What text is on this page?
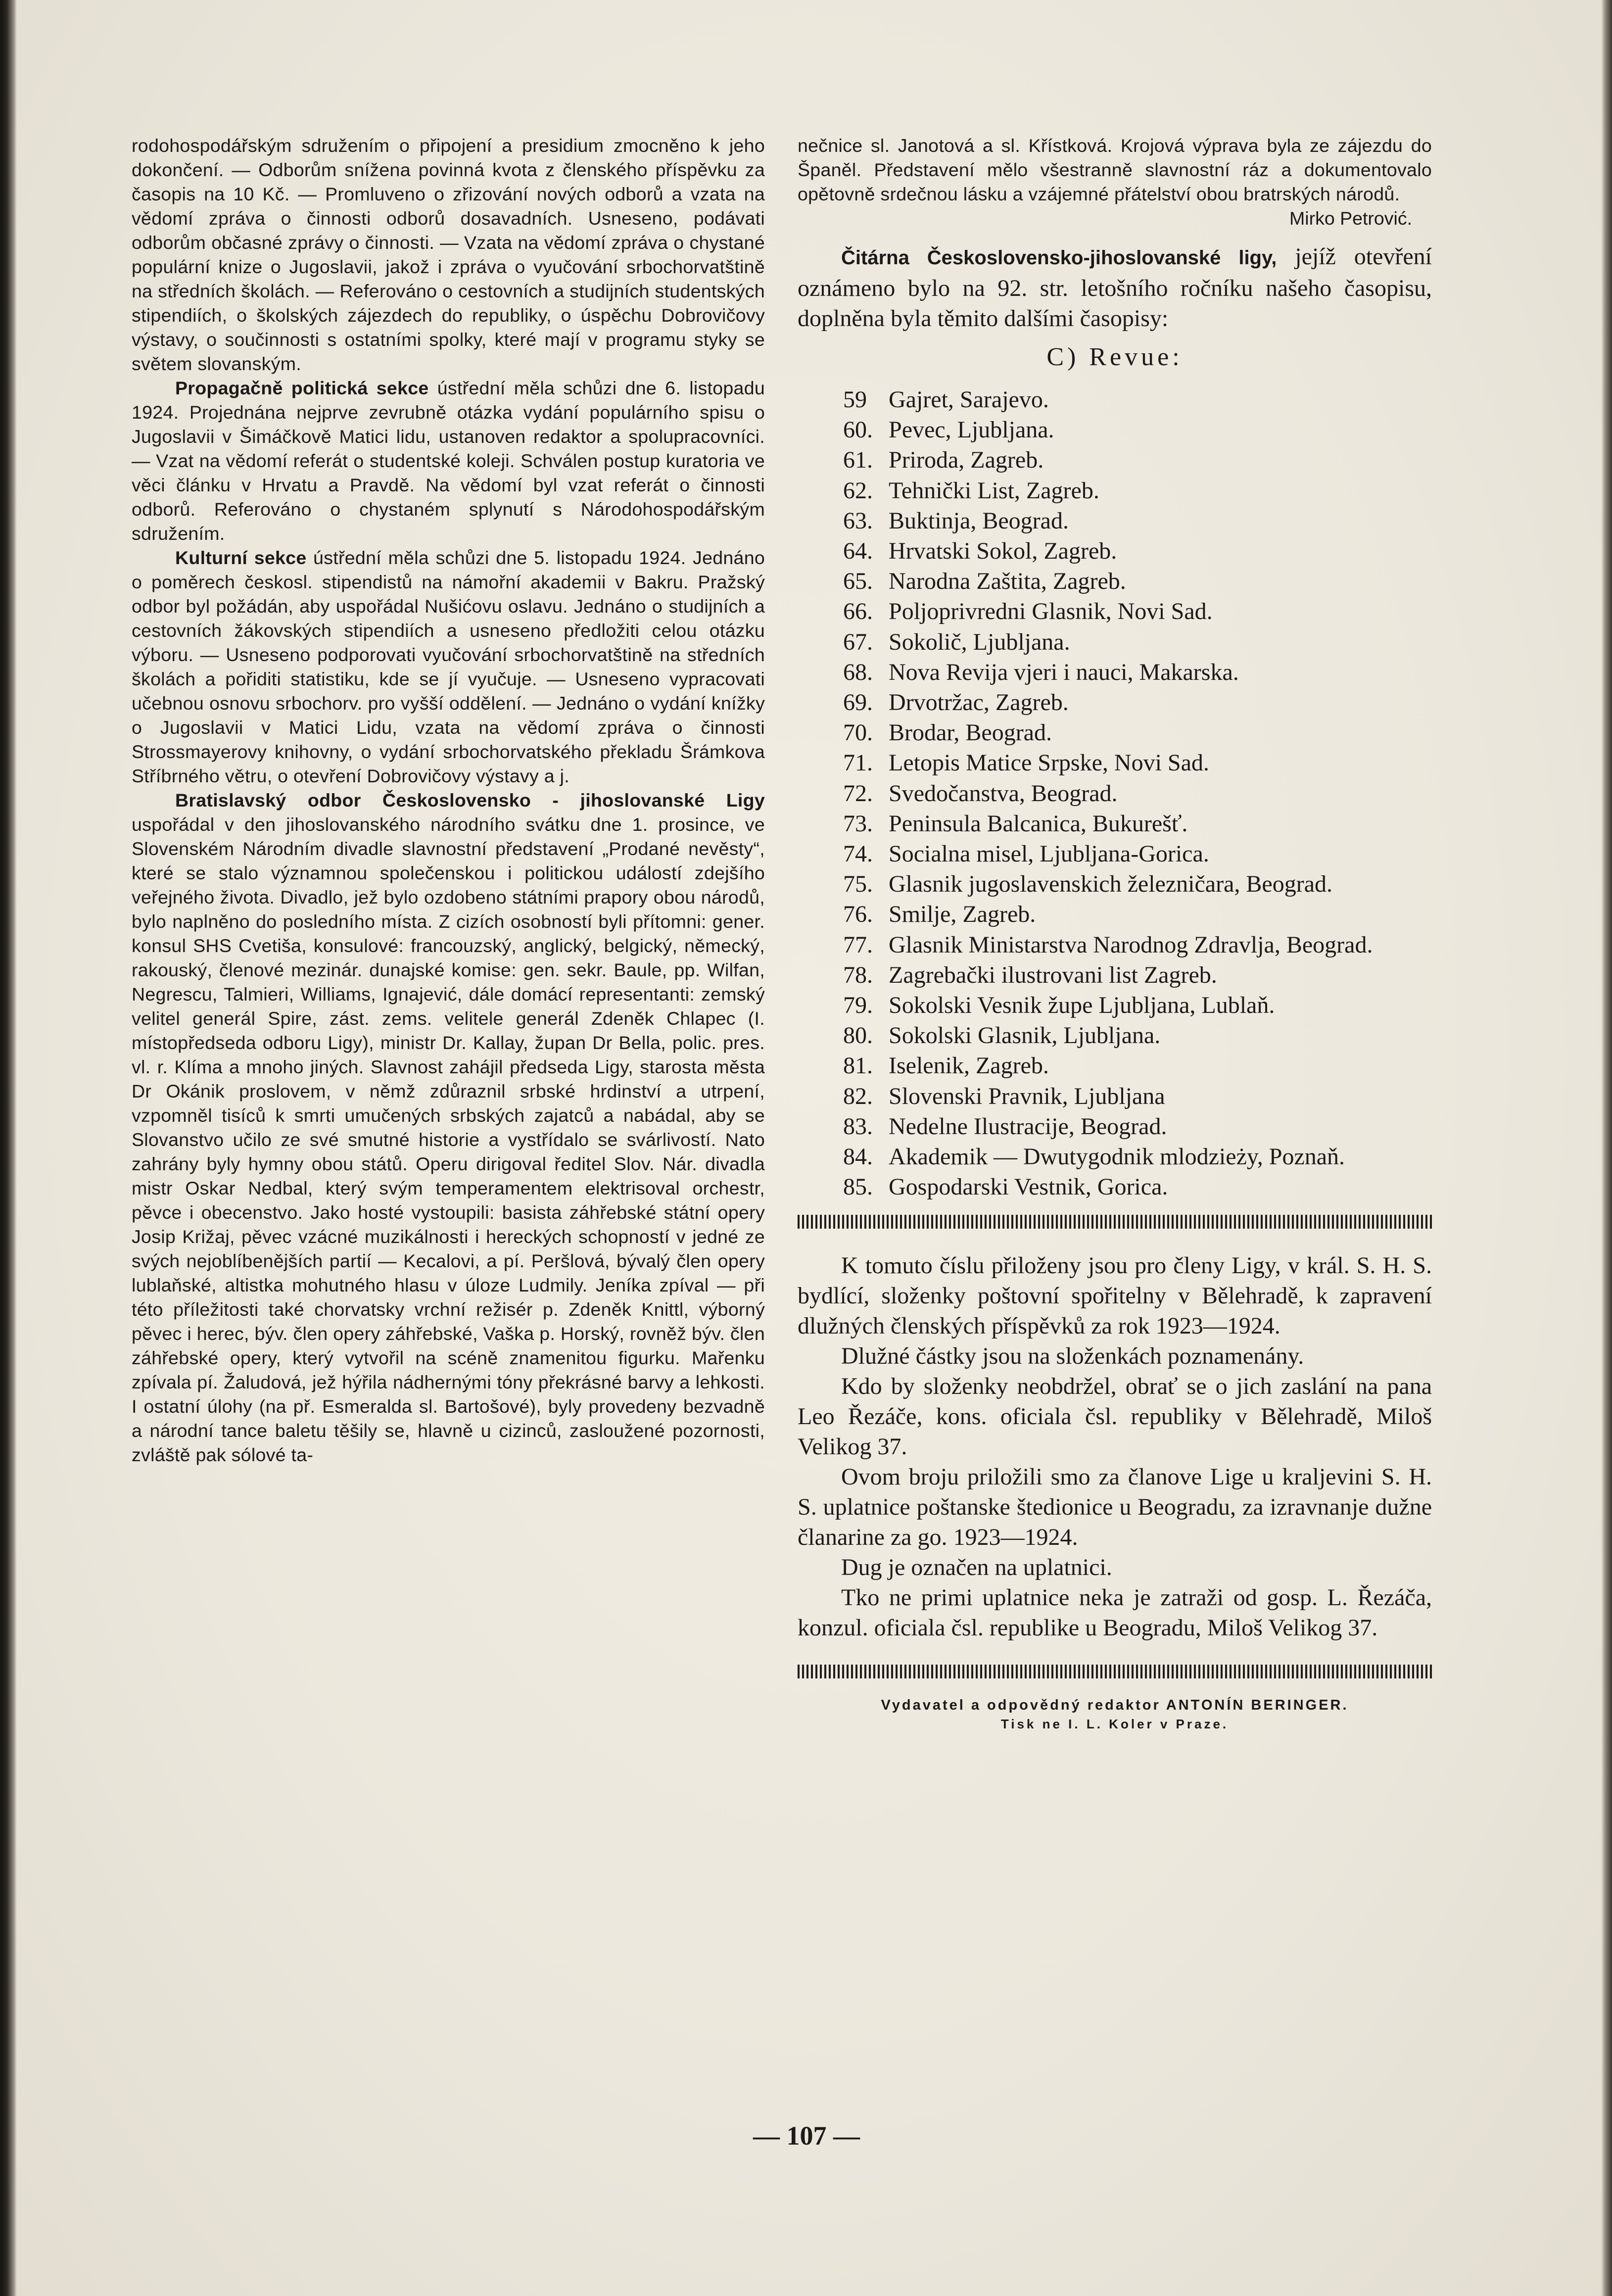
rodohospodářským sdružením o připojení a presidium zmocněno k jeho dokončení. — Odborům snížena povinná kvota z členského příspěvku za časopis na 10 Kč. — Promluveno o zřizování nových odborů a vzata na vědomí zpráva o činnosti odborů dosavadních. Usneseno, podávati odborům občasné zprávy o činnosti. — Vzata na vědomí zpráva o chystané populární knize o Jugoslavii, jakož i zpráva o vyučování srbochorvatštině na středních školách. — Referováno o cestovních a studijních studentských stipendiích, o školských zájezdech do republiky, o úspěchu Dobrovičovy výstavy, o součinnosti s ostatními spolky, které mají v programu styky se světem slovanským.

Propagačně politická sekce ústřední měla schůzi dne 6. listopadu 1924. Projednána nejprve zevrubně otázka vydání populárního spisu o Jugoslavii v Šimáčkově Matici lidu, ustanoven redaktor a spolupracovníci. — Vzat na vědomí referát o studentské koleji. Schválen postup kuratoria ve věci článku v Hrvatu a Pravdě. Na vědomí byl vzat referát o činnosti odborů. Referováno o chystaném splynutí s Národohospodářským sdružením.

Kulturní sekce ústřední měla schůzi dne 5. listopadu 1924. Jednáno o poměrech českosl. stipendistů na námořní akademii v Bakru. Pražský odbor byl požádán, aby uspořádal Nušićovu oslavu. Jednáno o studijních a cestovních žákovských stipendiích a usneseno předložiti celou otázku výboru. — Usneseno podporovati vyučování srbochorvatštině na středních školách a pořiditi statistiku, kde se jí vyučuje. — Usneseno vypracovati učebnou osnovu srbochorv. pro vyšší oddělení. — Jednáno o vydání knížky o Jugoslavii v Matici Lidu, vzata na vědomí zpráva o činnosti Strossmayerovy knihovny, o vydání srbochorvatského překladu Šrámkova Stříbrného větru, o otevření Dobrovičovy výstavy a j.

Bratislavský odbor Československo - jihoslovanské Ligy uspořádal v den jihoslovanského národního svátku dne 1. prosince, ve Slovenském Národním divadle slavnostní představení „Prodané nevěsty“, které se stalo významnou společenskou i politickou událostí zdejšího veřejného života. Divadlo, jež bylo ozdobeno státními prapory obou národů, bylo naplněno do posledního místa. Z cizích osobností byli přítomni: gener. konsul SHS Cvetiša, konsulové: francouzský, anglický, belgický, německý, rakouský, členové mezinár. dunajské komise: gen. sekr. Baule, pp. Wilfan, Negrescu, Talmieri, Williams, Ignajević, dále domácí representanti: zemský velitel generál Spire, zást. zems. velitele generál Zdeněk Chlapec (I. místopředseda odboru Ligy), ministr Dr. Kallay, župan Dr Bella, polic. pres. vl. r. Klíma a mnoho jiných. Slavnost zahájil předseda Ligy, starosta města Dr Okánik proslovem, v němž zdůraznil srbské hrdinství a utrpení, vzpomněl tisíců k smrti umučených srbských zajatců a nabádal, aby se Slovanstvo učilo ze své smutné historie a vystřídalo se svárlivostí. Nato zahrány byly hymny obou států. Operu dirigoval ředitel Slov. Nár. divadla mistr Oskar Nedbal, který svým temperamentem elektrisoval orchestr, pěvce i obecenstvo. Jako hosté vystoupili: basista záhřebské státní opery Josip Križaj, pěvec vzácné muzikálnosti i hereckých schopností v jedné ze svých nejoblíbenějších partií — Kecalovi, a pí. Peršlová, bývalý člen opery lublaňské, altistka mohutného hlasu v úloze Ludmily. Jeníka zpíval — při této příležitosti také chorvatsky vrchní režisér p. Zdeněk Knittl, výborný pěvec i herec, býv. člen opery záhřebské, Vaška p. Horský, rovněž býv. člen záhřebské opery, který vytvořil na scéně znamenitou figurku. Mařenku zpívala pí. Žaludová, jež hýřila nádhernými tóny překrásné barvy a lehkosti. I ostatní úlohy (na př. Esmeralda sl. Bartošové), byly provedeny bezvadně a národní tance baletu těšily se, hlavně u cizinců, zasloužené pozornosti, zvláště pak sólové ta-

nečnice sl. Janotová a sl. Křístková. Krojová výprava byla ze zájezdu do Španěl. Představení mělo všestranně slavnostní ráz a dokumentovalo opětovně srdečnou lásku a vzájemné přátelství obou bratrských národů.

Mirko Petrović.

Čitárna Československo-jihoslovanské ligy, jejíž otevření oznámeno bylo na 92. str. letošního ročníku našeho časopisu, doplněna byla těmito dalšími časopisy:

C) Revue:
59 Gajret, Sarajevo.
60. Pevec, Ljubljana.
61. Priroda, Zagreb.
62. Tehnički List, Zagreb.
63. Buktinja, Beograd.
64. Hrvatski Sokol, Zagreb.
65. Narodna Zaštita, Zagreb.
66. Poljoprivredni Glasnik, Novi Sad.
67. Sokolič, Ljubljana.
68. Nova Revija vjeri i nauci, Makarska.
69. Drvotržac, Zagreb.
70. Brodar, Beograd.
71. Letopis Matice Srpske, Novi Sad.
72. Svedočanstva, Beograd.
73. Peninsula Balcanica, Bukurešť.
74. Socialna misel, Ljubljana-Gorica.
75. Glasnik jugoslavenskich železničara, Beograd.
76. Smilje, Zagreb.
77. Glasnik Ministarstva Narodnog Zdravlja, Beograd.
78. Zagrebački ilustrovani list Zagreb.
79. Sokolski Vesnik župe Ljubljana, Lublaň.
80. Sokolski Glasnik, Ljubljana.
81. Iselenik, Zagreb.
82. Slovenski Pravnik, Ljubljana
83. Nedelne Ilustracije, Beograd.
84. Akademik — Dwutygodnik mlodzieży, Poznaň.
85. Gospodarski Vestnik, Gorica.

K tomuto číslu přiloženy jsou pro členy Ligy, v král. S. H. S. bydlící, složenky poštovní spořitelny v Bělehradě, k zapravení dlužných členských příspěvků za rok 1923—1924.

Dlužné částky jsou na složenkách poznamenány.

Kdo by složenky neobdržel, obrať se o jich zaslání na pana Leo Řezáče, kons. oficiala čsl. republiky v Bělehradě, Miloš Velikog 37.

Ovom broju priložili smo za članove Lige u kraljevini S. H. S. uplatnice poštanske štedionice u Beogradu, za izravnanje dužne članarine za go. 1923—1924.

Dug je označen na uplatnici.

Tko ne primi uplatnice neka je zatraži od gosp. L. Řezáča, konzul. oficiala čsl. republike u Beogradu, Miloš Velikog 37.

Vydavatel a odpovědný redaktor ANTONÍN BERINGER.
Tisk ne I. L. Koler v Praze.
— 107 —
